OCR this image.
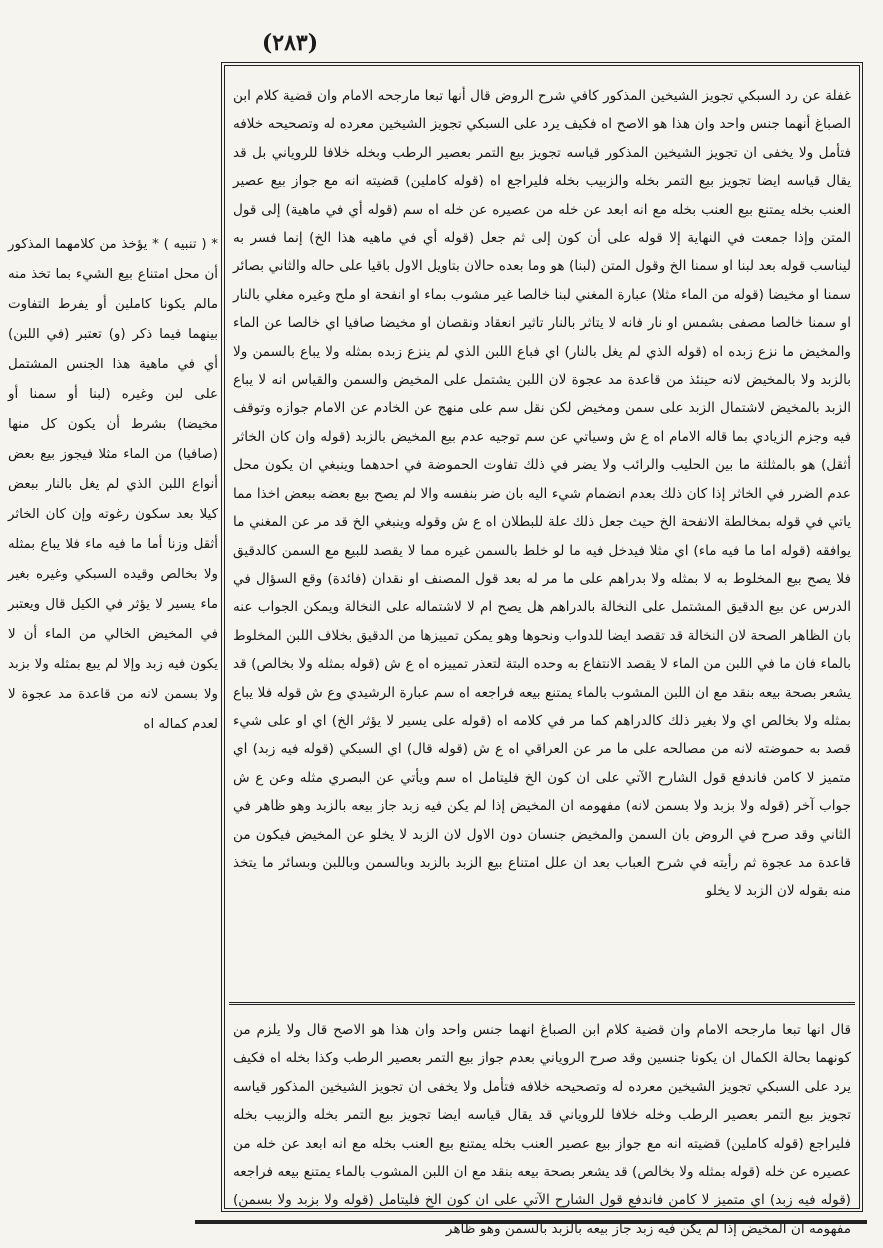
(٢٨٣)

غفلة عن رد السبكي تجويز الشيخين المذكور كافي شرح الروض قال أنها تبعا مارجحه الامام وان قضية كلام ابن الصباغ أنهما جنس واحد وان هذا هو الاصح اه فكيف يرد على السبكي تجويز الشيخين معرده له وتصحيحه خلافه فتأمل ولا يخفى ان تجويز الشيخين المذكور قياسه تجويز بيع التمر بعصير الرطب وبخله خلافا للروياني بل قد يقال قياسه ايضا تجويز بيع التمر بخله والزبيب بخله فليراجع اه (قوله كاملين) قضيته انه مع جواز بيع عصير العنب بخله يمتنع بيع العنب بخله مع انه ابعد عن خله من عصيره عن خله اه سم (قوله أي في ماهية) إلى قول المتن وإذا جمعت في النهاية إلا قوله على أن كون إلى ثم جعل (قوله أي في ماهيه هذا الخ) إنما فسر به ليناسب قوله بعد لبنا او سمنا الخ وقول المتن (لبنا) هو وما بعده حالان بتاويل الاول باقيا على حاله والثاني بصائر سمنا او مخيضا (قوله من الماء مثلا) عبارة المغني لبنا خالصا غير مشوب بماء او انفحة او ملح وغيره مغلي بالنار او سمنا خالصا مصفى بشمس او نار فانه لا يتاثر بالنار تاثير انعقاد ونقصان او مخيضا صافيا اي خالصا عن الماء والمخيض ما نزع زبده اه (قوله الذي لم يغل بالنار) اي فباع اللبن الذي لم ينزع زبده بمثله ولا يباع بالسمن ولا بالزبد ولا بالمخيض لانه حينئذ من قاعدة مد عجوة لان اللبن يشتمل على المخيض والسمن والقياس انه لا يباع الزبد بالمخيض لاشتمال الزبد على سمن ومخيض لكن نقل سم على منهج عن الخادم عن الامام جوازه وتوقف فيه وجزم الزيادي بما قاله الامام اه ع ش وسياتي عن سم توجيه عدم بيع المخيض بالزبد (قوله وان كان الخاثر أثقل) هو بالمثلثة ما بين الحليب والرائب ولا يضر في ذلك تفاوت الحموضة في احدهما وينبغي ان يكون محل عدم الضرر في الخاثر إذا كان ذلك بعدم انضمام شيء اليه بان ضر بنفسه والا لم يصح بيع بعضه ببعض اخذا مما ياتي في قوله بمخالطة الانفحة الخ حيث جعل ذلك علة للبطلان اه ع ش وقوله وينبغي الخ قد مر عن المغني ما يوافقه (قوله اما ما فيه ماء) اي مثلا فيدخل فيه ما لو خلط بالسمن غيره مما لا يقصد للبيع مع السمن كالدقيق فلا يصح بيع المخلوط به لا بمثله ولا بدراهم على ما مر له بعد قول المصنف او نقدان (فائدة) وقع السؤال في الدرس عن بيع الدقيق المشتمل على النخالة بالدراهم هل يصح ام لا لاشتماله على النخالة ويمكن الجواب عنه بان الظاهر الصحة لان النخالة قد تقصد ايضا للدواب ونحوها وهو يمكن تمييزها من الدقيق بخلاف اللبن المخلوط بالماء فان ما في اللبن من الماء لا يقصد الانتفاع به وحده البتة لتعذر تمييزه اه ع ش (قوله بمثله ولا بخالص) قد يشعر بصحة بيعه بنقد مع ان اللبن المشوب بالماء يمتنع بيعه فراجعه اه سم عبارة الرشيدي وع ش قوله فلا يباع بمثله ولا بخالص اي ولا بغير ذلك كالدراهم كما مر في كلامه اه (قوله على يسير لا يؤثر الخ) اي او على شيء قصد به حموضته لانه من مصالحه على ما مر عن العراقي اه ع ش (قوله قال) اي السبكي (قوله فيه زبد) اي متميز لا كامن فاندفع قول الشارح الآتي على ان كون الخ فليتامل اه سم ويأتي عن البصري مثله وعن ع ش جواب آخر (قوله ولا بزبد ولا بسمن لانه) مفهومه ان المخيض إذا لم يكن فيه زبد جاز بيعه بالزبد وهو ظاهر في الثاني وقد صرح في الروض بان السمن والمخيض جنسان دون الاول لان الزبد لا يخلو عن المخيض فيكون من قاعدة مد عجوة ثم رأيته في شرح العباب بعد ان علل امتناع بيع الزبد بالزبد وبالسمن وباللبن وبسائر ما يتخذ منه بقوله لان الزبد لا يخلو

قال انها تبعا مارجحه الامام وان قضية كلام ابن الصباغ انهما جنس واحد وان هذا هو الاصح قال ولا يلزم من كونهما بحالة الكمال ان يكونا جنسين وقد صرح الروياني بعدم جواز بيع التمر بعصير الرطب وكذا بخله اه فكيف يرد على السبكي تجويز الشيخين معرده له وتصحيحه خلافه فتأمل ولا يخفى ان تجويز الشيخين المذكور قياسه تجويز بيع التمر بعصير الرطب وخله خلافا للروياني قد يقال قياسه ايضا تجويز بيع التمر بخله والزبيب بخله فليراجع (قوله كاملين) قضيته انه مع جواز بيع عصير العنب بخله يمتنع بيع العنب بخله مع انه ابعد عن خله من عصيره عن خله (قوله بمثله ولا بخالص) قد يشعر بصحة بيعه بنقد مع ان اللبن المشوب بالماء يمتنع بيعه فراجعه (قوله فيه زبد) اي متميز لا كامن فاندفع قول الشارح الآتي على ان كون الخ فليتامل (قوله ولا بزبد ولا بسمن) مفهومه ان المخيض إذا لم يكن فيه زبد جاز بيعه بالزبد بالسمن وهو ظاهر

* ( تنبيه ) * يؤخذ من كلامهما المذكور أن محل امتناع بيع الشيء بما تخذ منه مالم يكونا كاملين أو يفرط التفاوت بينهما فيما ذكر (و) تعتبر (في اللبن) أي في ماهية هذا الجنس المشتمل على لبن وغيره (لبنا أو سمنا أو مخيضا) بشرط أن يكون كل منها (صافيا) من الماء مثلا فيجوز بيع بعض أنواع اللبن الذي لم يغل بالنار ببعض كيلا بعد سكون رغوته وإن كان الخاثر أثقل وزنا أما ما فيه ماء فلا يباع بمثله ولا بخالص وقيده السبكي وغيره بغير ماء يسير لا يؤثر في الكيل قال ويعتبر في المخيض الخالي من الماء أن لا يكون فيه زبد وإلا لم يبع بمثله ولا بزبد ولا بسمن لانه من قاعدة مد عجوة لا لعدم كماله اه
